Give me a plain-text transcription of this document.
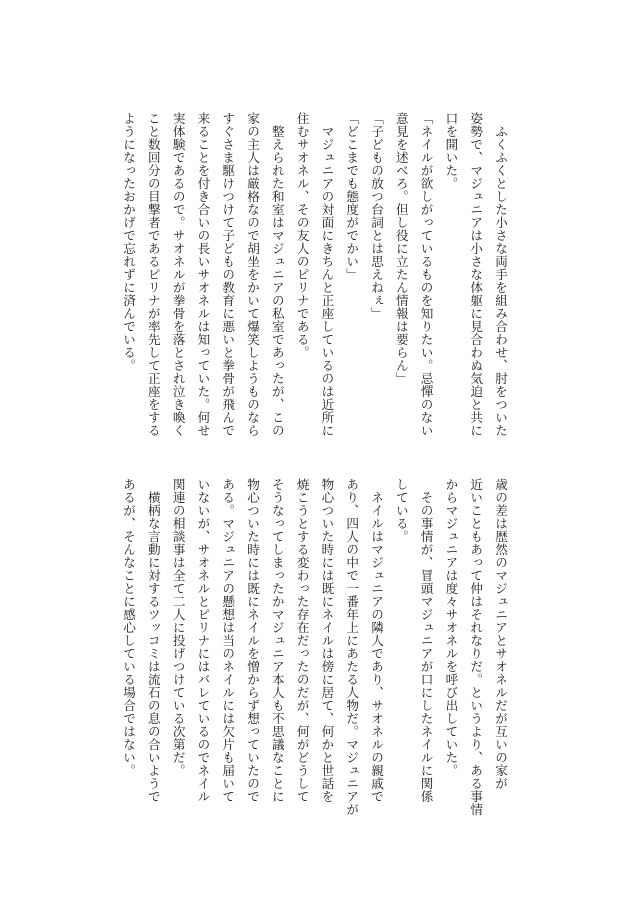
ふくふくとした小さな両手を組み合わせ、肘をついた

姿勢で、マジュニアは小さな体躯に見合わぬ気迫と共に

口を開いた。

「ネイルが欲しがっているものを知りたい。忌憚のない

意見を述べろ。但し役に立たん情報は要らん」

「子どもの放つ台詞とは思えねぇ」

「どこまでも態度がでかい」

マジュニアの対面にきちんと正座しているのは近所に

住むサオネル、その友人のピリナである。

整えられた和室はマジュニアの私室であったが、この

家の主人は厳格なので胡坐をかいて爆笑しようものなら

すぐさま駆けつけて子どもの教育に悪いと拳骨が飛んで

来ることを付き合いの長いサオネルは知っていた。何せ

実体験であるので。サオネルが拳骨を落とされ泣き喚く

こと数回分の目撃者であるピリナが率先して正座をする

ようになったおかげで忘れずに済んでいる。

歳の差は歴然のマジュニアとサオネルだが互いの家が

近いこともあって仲はそれなりだ。というより、ある事情

からマジュニアは度々サオネルを呼び出していた。

その事情が、冒頭マジュニアが口にしたネイルに関係

している。

ネイルはマジュニアの隣人であり、サオネルの親戚で

あり、四人の中で一番年上にあたる人物だ。マジュニアが

物心ついた時には既にネイルは傍に居て、何かと世話を

焼こうとする変わった存在だったのだが、何がどうして

そうなってしまったかマジュニア本人も不思議なことに

物心ついた時には既にネイルを憎からず想っていたので

ある。マジュニアの懸想は当のネイルには欠片も届いて

いないが、サオネルとピリナにはバレているのでネイル

関連の相談事は全て二人に投げつけている次第だ。

横柄な言動に対するツッコミは流石の息の合いようで

あるが、そんなことに感心している場合ではない。
